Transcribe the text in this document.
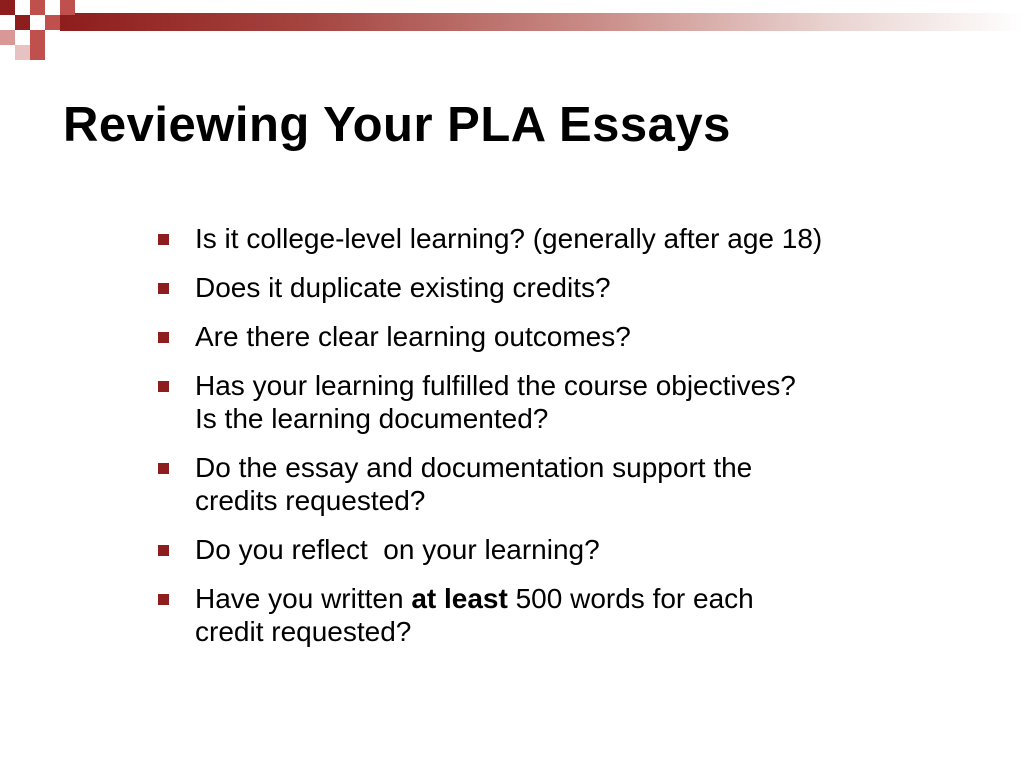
Reviewing Your PLA Essays
Is it college-level learning? (generally after age 18)
Does it duplicate existing credits?
Are there clear learning outcomes?
Has your learning fulfilled the course objectives?
Is the learning documented?
Do the essay and documentation support the
credits requested?
Do you reflect  on your learning?
Have you written at least 500 words for each
credit requested?
